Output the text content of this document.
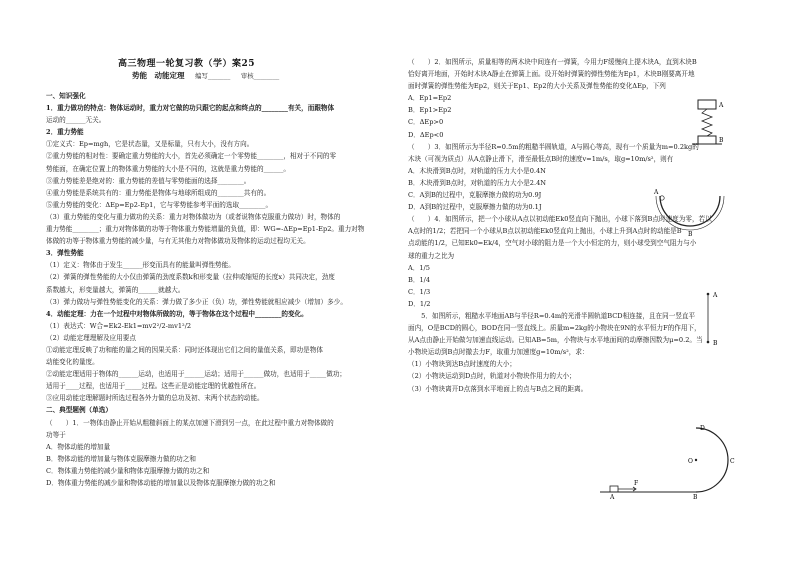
高三物理一轮复习教（学）案25
势能　动能定理 编写_______ 审核________
一、知识强化
1．重力做功的特点：物体运动时，重力对它做的功只跟它的起点和终点的________有关，而跟物体
运动的______无关。
2．重力势能
①定义式：Ep=mgh，它是状态量，又是标量，只有大小，没有方向。
②重力势能的相对性：要确定重力势能的大小，首先必须确定一个零势能________，相对于不同的零
势能面，在确定位置上的物体重力势能的大小是不同的，这就是重力势能的______。
③重力势能差是绝对的：重力势能的差值与零势能面的选择________。
④重力势能是系统共有的：重力势能是物体与地球所组成的________共有的。
⑤重力势能的变化：ΔEp=Ep2-Ep1，它与零势能参考平面的选取________。
（3）重力势能的变化与重力做功的关系：重力对物体做功为（或者说物体克服重力做功）时，物体的
重力势能________；重力对物体做的功等于物体重力势能增量的负值，即：WG=-ΔEp=Ep1-Ep2。重力对物
体做的功等于物体重力势能的减少量，与有无其他力对物体做功及物体的运动过程均无关。
3．弹性势能
（1）定义：物体由于发生______形变而具有的能量叫弹性势能。
（2）弹簧的弹性势能的大小仅由弹簧的劲度系数k和形变量（拉伸或缩短的长度x）共同决定，劲度
系数越大，形变量越大，弹簧的______就越大。
（3）弹力做功与弹性势能变化的关系：弹力做了多少正（负）功，弹性势能就相应减少（增加）多少。
4．动能定理：力在一个过程中对物体所做的功，等于物体在这个过程中________的变化。
（1）表达式：W合=Ek2-Ek1=mv2²/2-mv1²/2
（2）动能定理理解及应用要点
①动能定理反映了功和能的量之间的因果关系：同时还体现出它们之间的量值关系，即功是物体
动能变化的量度。
②动能定理适用于物体的______运动，也适用于______运动；适用于______做功，也适用于_____做功；
适用于____过程，也适用于_____过程。这些正是动能定理的优越性所在。
③应用动能定理解题时所选过程各外力做的总功及初、末两个状态的动能。
二、典型题例（单选）
（　　）1．一物体由静止开始从粗糙斜面上的某点加速下滑到另一点，在此过程中重力对物体做的
功等于
A．物体动能的增加量
B．物体动能的增加量与物体克服摩擦力做的功之和
C．物体重力势能的减少量和物体克服摩擦力做的功之和
D．物体重力势能的减少量和物体动能的增加量以及物体克服摩擦力做的功之和
（　　）2．如图所示，质量相等的两木块中间连有一弹簧，今用力F缓慢向上提木块A，直到木块B
恰好离开地面，开始时木块A静止在弹簧上面。设开始时弹簧的弹性势能为Ep1，木块B刚要离开地
面时弹簧的弹性势能为Ep2，则关于Ep1、Ep2的大小关系及弹性势能的变化ΔEp，下列
A．Ep1=Ep2
B．Ep1>Ep2
C．ΔEp>0
D．ΔEp<0
（　　）3．如图所示为半径R=0.5m的粗糙半圆轨道，A与圆心等高，现有一个质量为m=0.2kg的
木块（可视为质点）从A点静止滑下，滑至最低点B时的速度v=1m/s，取g=10m/s²，则有
A．木块滑到B点时，对轨道的压力大小是0.4N
B．木块滑到B点时，对轨道的压力大小是2.4N
C．A到B的过程中，克服摩擦力做的功为0.9J
D．A到B的过程中，克服摩擦力做的功为0.1J
（　　）4．如图所示，把一个小球从A点以初动能Ek0竖直向下抛出，小球下落到B点时速度为零，若以
A点时的1/2；若把同一个小球从B点以初动能Ek0竖直向上抛出，小球上升到A点时的动能是B
点动能的1/2，已知Ek0=Ek/4，空气对小球的阻力是一个大小恒定的力，则小球受到空气阻力与小
球的重力之比为
A．1/5
B．1/4
C．1/3
D．1/2
　　5．如图所示，粗糙水平地面AB与半径R=0.4m的光滑半圆轨道BCD相连接，且在同一竖直平
面内，O是BCD的圆心，BOD在同一竖直线上。质量m=2kg的小物块在9N的水平恒力F的作用下，
从A点由静止开始做匀加速直线运动。已知AB=5m，小物块与水平地面间的动摩擦因数为μ=0.2。当
小物块运动到B点时撤去力F，取重力加速度g=10m/s²，求：
（1）小物块到达B点时速度的大小；
（2）小物块运动到D点时，轨道对小物块作用力的大小；
（3）小物块离开D点落到水平地面上的点与B点之间的距离。
A
B
A
B
A
B
D
O	C
F
A	B
